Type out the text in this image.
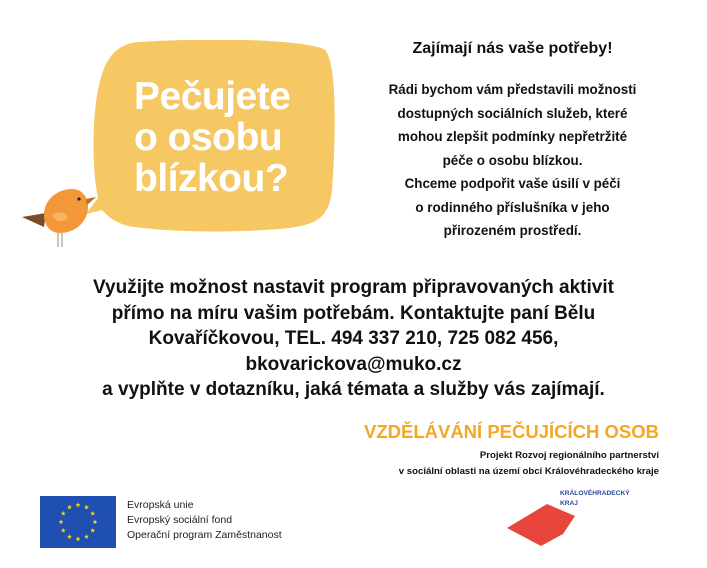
Pečujete
o osobu
blízkou?
Zajímají nás vaše potřeby!
Rádi bychom vám představili možnosti
dostupných sociálních služeb, které
mohou zlepšit podmínky nepřetržité
péče o osobu blízkou.
Chceme podpořit vaše úsilí v péči
o rodinného příslušníka v jeho
přirozeném prostředí.
Využijte možnost nastavit program připravovaných aktivit
přímo na míru vašim potřebám. Kontaktujte paní Bělu
Kovaříčkovou, TEL. 494 337 210, 725 082 456,
bkovarickova@muko.cz
a vyplňte v dotazníku, jaká témata a služby vás zajímají.
VZDĚLÁVÁNÍ PEČUJÍCÍCH OSOB
Projekt Rozvoj regionálního partnerství
v sociální oblasti na území obcí Královéhradeckého kraje
Evropská unie
Evropský sociální fond
Operační program Zaměstnanost
KRÁLOVÉHRADECKÝ
KRAJ
